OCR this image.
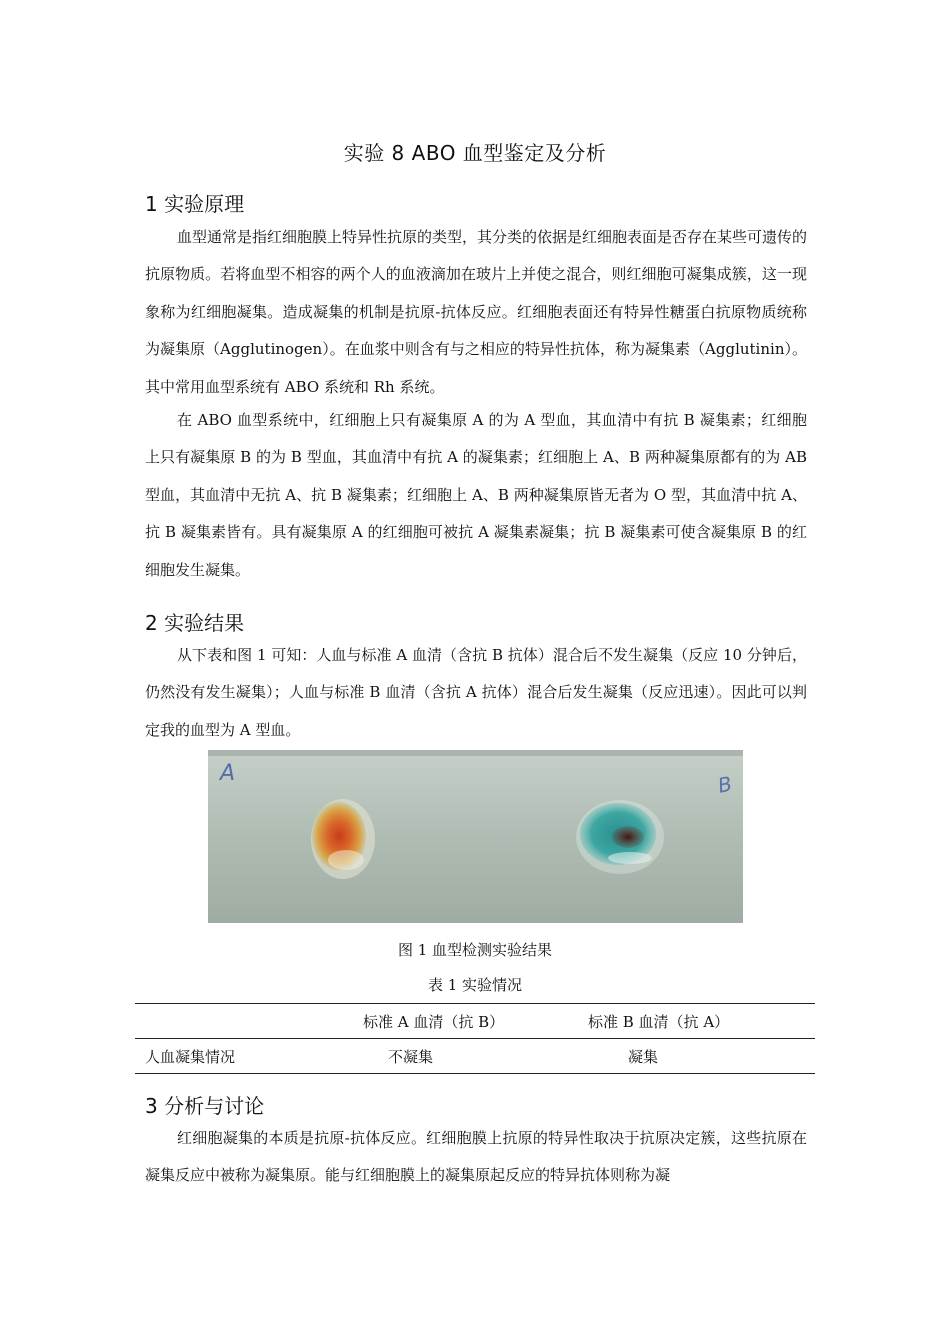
实验 8 ABO 血型鉴定及分析
1 实验原理

血型通常是指红细胞膜上特异性抗原的类型，其分类的依据是红细胞表面是否存在某些可遗传的抗原物质。若将血型不相容的两个人的血液滴加在玻片上并使之混合，则红细胞可凝集成簇，这一现象称为红细胞凝集。造成凝集的机制是抗原-抗体反应。红细胞表面还有特异性糖蛋白抗原物质统称为凝集原（Agglutinogen）。在血浆中则含有与之相应的特异性抗体，称为凝集素（Agglutinin）。其中常用血型系统有 ABO 系统和 Rh 系统。

在 ABO 血型系统中，红细胞上只有凝集原 A 的为 A 型血，其血清中有抗 B 凝集素；红细胞上只有凝集原 B 的为 B 型血，其血清中有抗 A 的凝集素；红细胞上 A、B 两种凝集原都有的为 AB 型血，其血清中无抗 A、抗 B 凝集素；红细胞上 A、B 两种凝集原皆无者为 O 型，其血清中抗 A、抗 B 凝集素皆有。具有凝集原 A 的红细胞可被抗 A 凝集素凝集；抗 B 凝集素可使含凝集原 B 的红细胞发生凝集。

2 实验结果

从下表和图 1 可知：人血与标准 A 血清（含抗 B 抗体）混合后不发生凝集（反应 10 分钟后，仍然没有发生凝集）；人血与标准 B 血清（含抗 A 抗体）混合后发生凝集（反应迅速）。因此可以判定我的血型为 A 型血。

A	B
图 1 血型检测实验结果
表 1 实验情况
	标准 A 血清（抗 B）	标准 B 血清（抗 A）
人血凝集情况	不凝集	凝集
3 分析与讨论

红细胞凝集的本质是抗原-抗体反应。红细胞膜上抗原的特异性取决于抗原决定簇，这些抗原在凝集反应中被称为凝集原。能与红细胞膜上的凝集原起反应的特异抗体则称为凝
